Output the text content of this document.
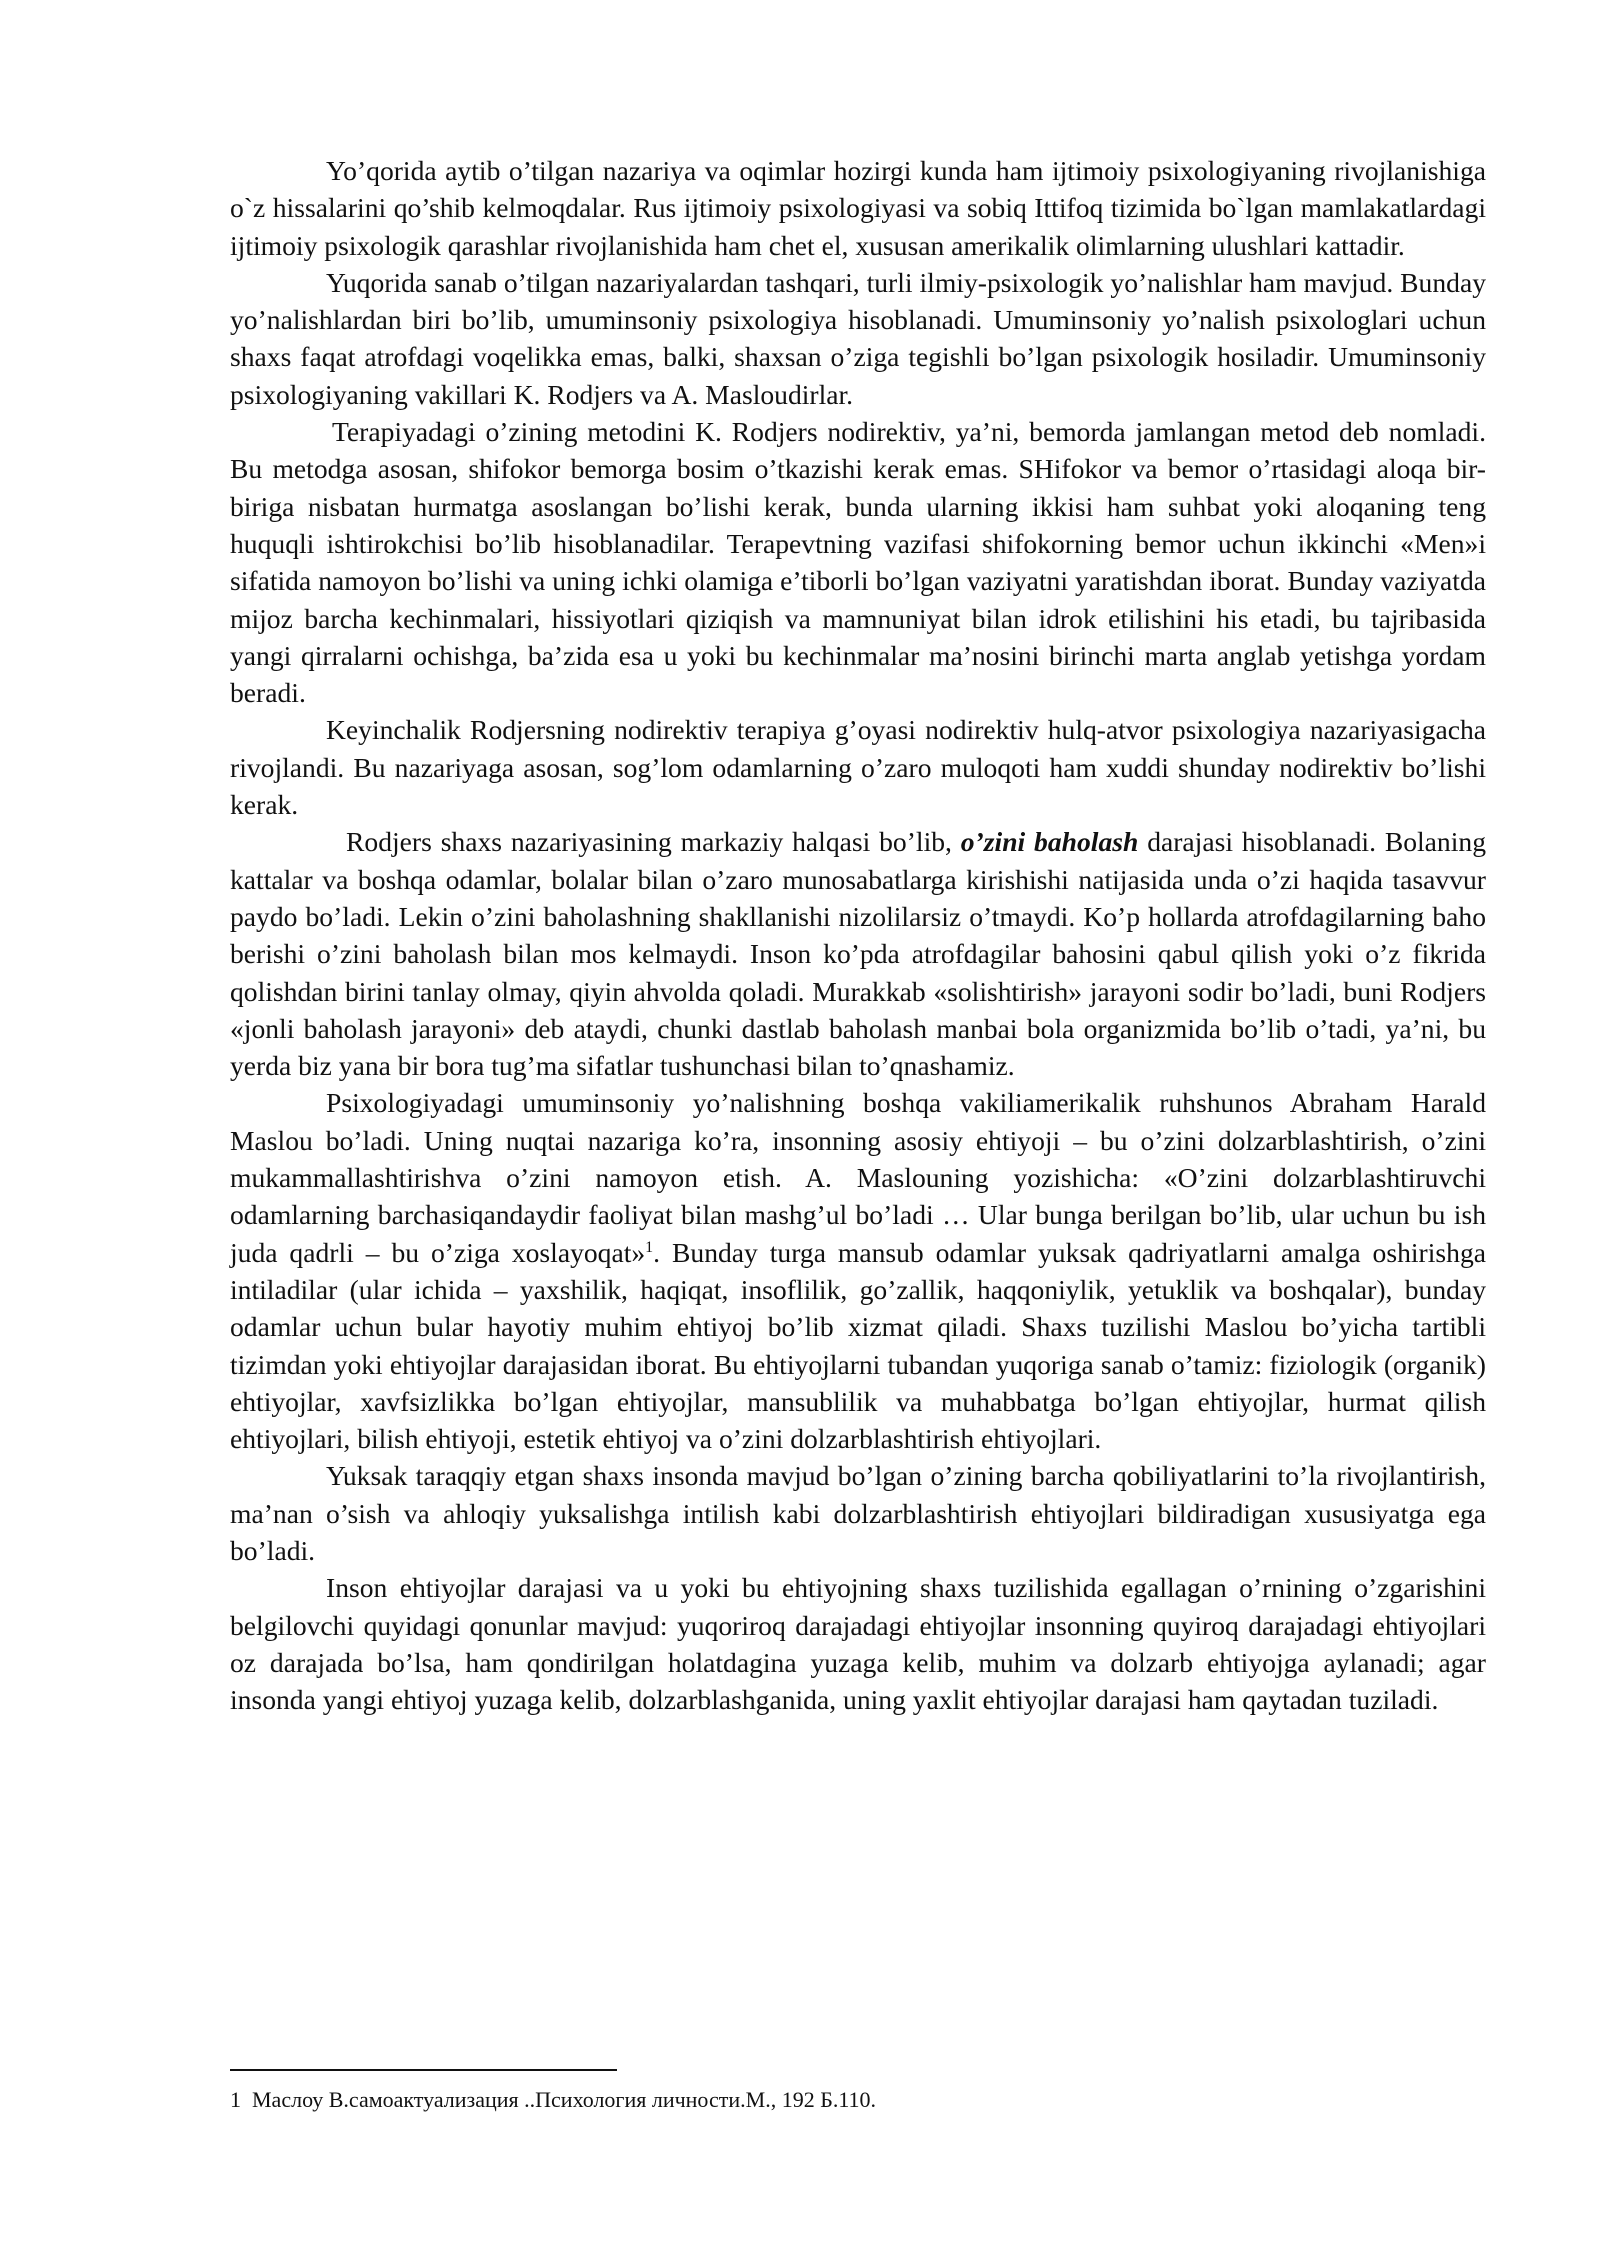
Yo’qorida aytib o’tilgan nazariya va oqimlar hozirgi kunda ham ijtimoiy psixologiyaning rivojlanishiga o`z hissalarini qo’shib kelmoqdalar. Rus ijtimoiy psixologiyasi va sobiq Ittifoq tizimida bo`lgan mamlakatlardagi ijtimoiy psixologik qarashlar rivojlanishida ham chet el, xususan amerikalik olimlarning ulushlari kattadir.

Yuqorida sanab o’tilgan nazariyalardan tashqari, turli ilmiy-psixologik yo’nalishlar ham mavjud. Bunday yo’nalishlardan biri bo’lib, umuminsoniy psixologiya hisoblanadi. Umuminsoniy yo’nalish psixologlari uchun shaxs faqat atrofdagi voqelikka emas, balki, shaxsan o’ziga tegishli bo’lgan psixologik hosiladir. Umuminsoniy psixologiyaning vakillari K. Rodjers va A. Masloudirlar.

Terapiyadagi o’zining metodini K. Rodjers nodirektiv, ya’ni, bemorda jamlangan metod deb nomladi. Bu metodga asosan, shifokor bemorga bosim o’tkazishi kerak emas. SHifokor va bemor o’rtasidagi aloqa bir-biriga nisbatan hurmatga asoslangan bo’lishi kerak, bunda ularning ikkisi ham suhbat yoki aloqaning teng huquqli ishtirokchisi bo’lib hisoblanadilar. Terapevtning vazifasi shifokorning bemor uchun ikkinchi «Men»i sifatida namoyon bo’lishi va uning ichki olamiga e’tiborli bo’lgan vaziyatni yaratishdan iborat. Bunday vaziyatda mijoz barcha kechinmalari, hissiyotlari qiziqish va mamnuniyat bilan idrok etilishini his etadi, bu tajribasida yangi qirralarni ochishga, ba’zida esa u yoki bu kechinmalar ma’nosini birinchi marta anglab yetishga yordam beradi.

Keyinchalik Rodjersning nodirektiv terapiya g’oyasi nodirektiv hulq-atvor psixologiya nazariyasigacha rivojlandi. Bu nazariyaga asosan, sog’lom odamlarning o’zaro muloqoti ham xuddi shunday nodirektiv bo’lishi kerak.

Rodjers shaxs nazariyasining markaziy halqasi bo’lib, o’zini baholash darajasi hisoblanadi. Bolaning kattalar va boshqa odamlar, bolalar bilan o’zaro munosabatlarga kirishishi natijasida unda o’zi haqida tasavvur paydo bo’ladi. Lekin o’zini baholashning shakllanishi nizolilarsiz o’tmaydi. Ko’p hollarda atrofdagilarning baho berishi o’zini baholash bilan mos kelmaydi. Inson ko’pda atrofdagilar bahosini qabul qilish yoki o’z fikrida qolishdan birini tanlay olmay, qiyin ahvolda qoladi. Murakkab «solishtirish» jarayoni sodir bo’ladi, buni Rodjers «jonli baholash jarayoni» deb ataydi, chunki dastlab baholash manbai bola organizmida bo’lib o’tadi, ya’ni, bu yerda biz yana bir bora tug’ma sifatlar tushunchasi bilan to’qnashamiz.

Psixologiyadagi umuminsoniy yo’nalishning boshqa vakiliamerikalik ruhshunos Abraham Harald Maslou bo’ladi. Uning nuqtai nazariga ko’ra, insonning asosiy ehtiyoji – bu o’zini dolzarblashtirish, o’zini mukammallashtirishva o’zini namoyon etish. A. Maslouning yozishicha: «O’zini dolzarblashtiruvchi odamlarning barchasiqandaydir faoliyat bilan mashg’ul bo’ladi … Ular bunga berilgan bo’lib, ular uchun bu ish juda qadrli – bu o’ziga xoslayoqat»$^1$. Bunday turga mansub odamlar yuksak qadriyatlarni amalga oshirishga intiladilar (ular ichida – yaxshilik, haqiqat, insoflilik, go’zallik, haqqoniylik, yetuklik va boshqalar), bunday odamlar uchun bular hayotiy muhim ehtiyoj bo’lib xizmat qiladi. Shaxs tuzilishi Maslou bo’yicha tartibli tizimdan yoki ehtiyojlar darajasidan iborat. Bu ehtiyojlarni tubandan yuqoriga sanab o’tamiz: fiziologik (organik) ehtiyojlar, xavfsizlikka bo’lgan ehtiyojlar, mansublilik va muhabbatga bo’lgan ehtiyojlar, hurmat qilish ehtiyojlari, bilish ehtiyoji, estetik ehtiyoj va o’zini dolzarblashtirish ehtiyojlari.

Yuksak taraqqiy etgan shaxs insonda mavjud bo’lgan o’zining barcha qobiliyatlarini to’la rivojlantirish, ma’nan o’sish va ahloqiy yuksalishga intilish kabi dolzarblashtirish ehtiyojlari bildiradigan xususiyatga ega bo’ladi.

Inson ehtiyojlar darajasi va u yoki bu ehtiyojning shaxs tuzilishida egallagan o’rnining o’zgarishini belgilovchi quyidagi qonunlar mavjud: yuqoriroq darajadagi ehtiyojlar insonning quyiroq darajadagi ehtiyojlari oz darajada bo’lsa, ham qondirilgan holatdagina yuzaga kelib, muhim va dolzarb ehtiyojga aylanadi; agar insonda yangi ehtiyoj yuzaga kelib, dolzarblashganida, uning yaxlit ehtiyojlar darajasi ham qaytadan tuziladi.

1 Маслоу В.самоактуализация ..Психология личности.М., 192 Б.110.
